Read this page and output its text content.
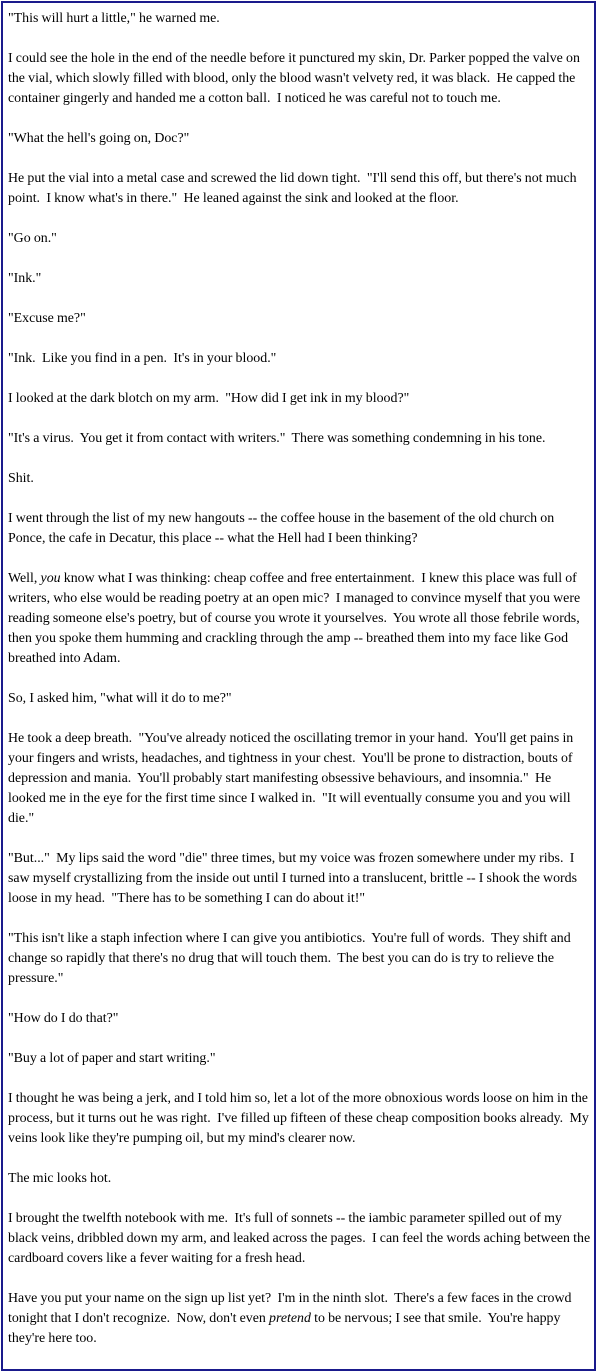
"This will hurt a little," he warned me.

I could see the hole in the end of the needle before it punctured my skin, Dr. Parker popped the valve on the vial, which slowly filled with blood, only the blood wasn't velvety red, it was black.  He capped the container gingerly and handed me a cotton ball.  I noticed he was careful not to touch me.

"What the hell's going on, Doc?"

He put the vial into a metal case and screwed the lid down tight.  "I'll send this off, but there's not much point.  I know what's in there."  He leaned against the sink and looked at the floor.

"Go on."

"Ink."

"Excuse me?"

"Ink.  Like you find in a pen.  It's in your blood."

I looked at the dark blotch on my arm.  "How did I get ink in my blood?"

"It's a virus.  You get it from contact with writers."  There was something condemning in his tone.

Shit.

I went through the list of my new hangouts -- the coffee house in the basement of the old church on Ponce, the cafe in Decatur, this place -- what the Hell had I been thinking?

Well, you know what I was thinking: cheap coffee and free entertainment.  I knew this place was full of writers, who else would be reading poetry at an open mic?  I managed to convince myself that you were reading someone else's poetry, but of course you wrote it yourselves.  You wrote all those febrile words, then you spoke them humming and crackling through the amp -- breathed them into my face like God breathed into Adam.

So, I asked him, "what will it do to me?"

He took a deep breath.  "You've already noticed the oscillating tremor in your hand.  You'll get pains in your fingers and wrists, headaches, and tightness in your chest.  You'll be prone to distraction, bouts of depression and mania.  You'll probably start manifesting obsessive behaviours, and insomnia."  He looked me in the eye for the first time since I walked in.  "It will eventually consume you and you will die."

"But..."  My lips said the word "die" three times, but my voice was frozen somewhere under my ribs.  I saw myself crystallizing from the inside out until I turned into a translucent, brittle -- I shook the words loose in my head.  "There has to be something I can do about it!"

"This isn't like a staph infection where I can give you antibiotics.  You're full of words.  They shift and change so rapidly that there's no drug that will touch them.  The best you can do is try to relieve the pressure."

"How do I do that?"

"Buy a lot of paper and start writing."

I thought he was being a jerk, and I told him so, let a lot of the more obnoxious words loose on him in the process, but it turns out he was right.  I've filled up fifteen of these cheap composition books already.  My veins look like they're pumping oil, but my mind's clearer now.

The mic looks hot.

I brought the twelfth notebook with me.  It's full of sonnets -- the iambic parameter spilled out of my black veins, dribbled down my arm, and leaked across the pages.  I can feel the words aching between the cardboard covers like a fever waiting for a fresh head.

Have you put your name on the sign up list yet?  I'm in the ninth slot.  There's a few faces in the crowd tonight that I don't recognize.  Now, don't even pretend to be nervous; I see that smile.  You're happy they're here too.
